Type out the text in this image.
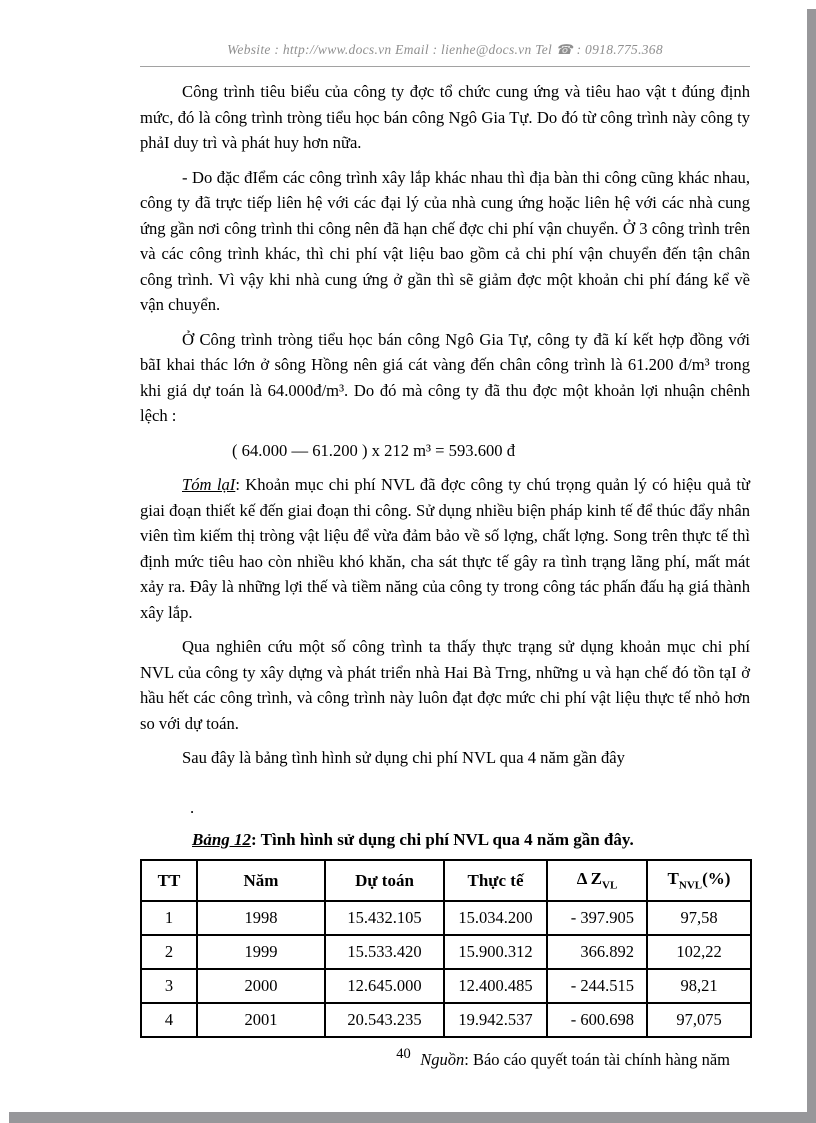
Website : http://www.docs.vn Email : lienhe@docs.vn Tel ☎ : 0918.775.368

Công trình tiêu biểu của công ty đợc tổ chức cung ứng và tiêu hao vật t đúng định mức, đó là công trình tròng tiểu học bán công Ngô Gia Tự. Do đó từ công trình này công ty phảI duy trì và phát huy hơn nữa.

- Do đặc đIểm các công trình xây lắp khác nhau thì địa bàn thi công cũng khác nhau, công ty đã trực tiếp liên hệ với các đại lý của nhà cung ứng hoặc liên hệ với các nhà cung ứng gần nơi công trình thi công nên đã hạn chế đợc chi phí vận chuyển. Ở 3 công trình trên và các công trình khác, thì chi phí vật liệu bao gồm cả chi phí vận chuyển đến tận chân công trình. Vì vậy khi nhà cung ứng ở gần thì sẽ giảm đợc một khoản chi phí đáng kể về vận chuyển.

Ở Công trình tròng tiểu học bán công Ngô Gia Tự, công ty đã kí kết hợp đồng với bãI khai thác lớn ở sông Hồng nên giá cát vàng đến chân công trình là 61.200 đ/m³ trong khi giá dự toán là 64.000đ/m³. Do đó mà công ty đã thu đợc một khoản lợi nhuận chênh lệch :

( 64.000 — 61.200 ) x 212 m³ = 593.600 đ

Tóm lạI: Khoản mục chi phí NVL đã đợc công ty chú trọng quản lý có hiệu quả từ giai đoạn thiết kế đến giai đoạn thi công. Sử dụng nhiều biện pháp kinh tế để thúc đẩy nhân viên tìm kiếm thị tròng vật liệu để vừa đảm bảo về số lợng, chất lợng. Song trên thực tế thì định mức tiêu hao còn nhiều khó khăn, cha sát thực tế gây ra tình trạng lãng phí, mất mát xảy ra. Đây là những lợi thế và tiềm năng của công ty trong công tác phấn đấu hạ giá thành xây lắp.

Qua nghiên cứu một số công trình ta thấy thực trạng sử dụng khoản mục chi phí NVL của công ty xây dựng và phát triển nhà Hai Bà Trng, những u và hạn chế đó tồn tạI ở hầu hết các công trình, và công trình này luôn đạt đợc mức chi phí vật liệu thực tế nhỏ hơn so với dự toán.

Sau đây là bảng tình hình sử dụng chi phí NVL qua 4 năm gần đây

.

Bảng 12: Tình hình sử dụng chi phí NVL qua 4 năm gần đây.

TT	Năm	Dự toán	Thực tế	Δ $Z_{VL}$	$T_{NVL}(\%)$
1	1998	15.432.105	15.034.200	- 397.905	97,58
2	1999	15.533.420	15.900.312	366.892	102,22
3	2000	12.645.000	12.400.485	- 244.515	98,21
4	2001	20.543.235	19.942.537	- 600.698	97,075

Nguồn: Báo cáo quyết toán tài chính hàng năm

40
